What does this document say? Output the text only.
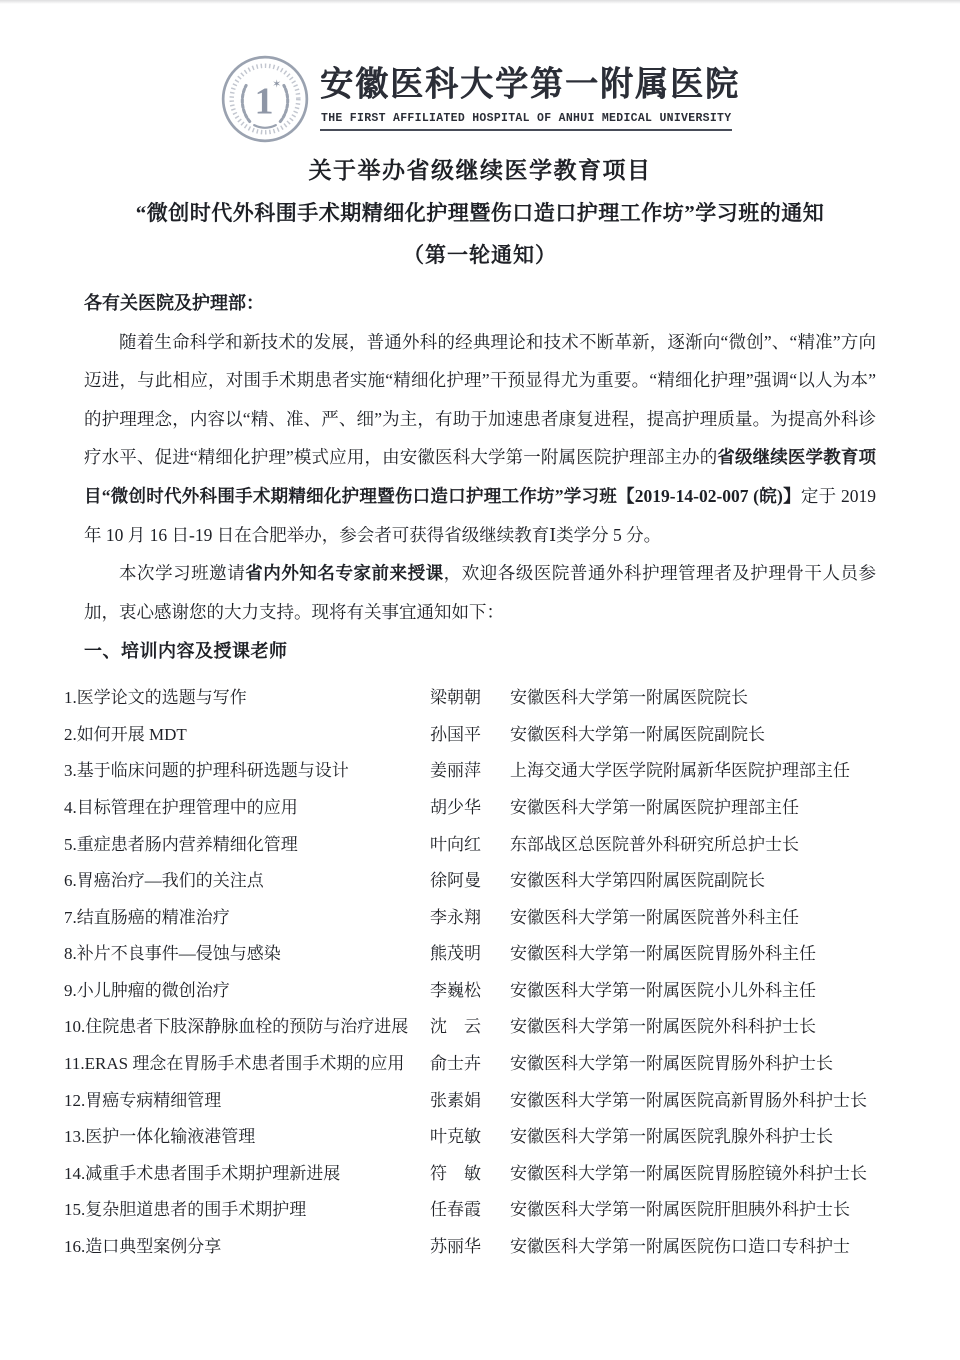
1
✶ 安徽医科大学第一附属医院
THE FIRST AFFILIATED HOSPITAL OF ANHUI MEDICAL UNIVERSITY
关于举办省级继续医学教育项目
“微创时代外科围手术期精细化护理暨伤口造口护理工作坊”学习班的通知
（第一轮通知）
各有关医院及护理部：

随着生命科学和新技术的发展，普通外科的经典理论和技术不断革新，逐渐向“微创”、“精准”方向迈进，与此相应，对围手术期患者实施“精细化护理”干预显得尤为重要。“精细化护理”强调“以人为本”的护理理念，内容以“精、准、严、细”为主，有助于加速患者康复进程，提高护理质量。为提高外科诊疗水平、促进“精细化护理”模式应用，由安徽医科大学第一附属医院护理部主办的省级继续医学教育项目“微创时代外科围手术期精细化护理暨伤口造口护理工作坊”学习班【2019-14-02-007 (皖)】定于 2019 年 10 月 16 日-19 日在合肥举办，参会者可获得省级继续教育Ⅰ类学分 5 分。

本次学习班邀请省内外知名专家前来授课，欢迎各级医院普通外科护理管理者及护理骨干人员参加，衷心感谢您的大力支持。现将有关事宜通知如下：

一、培训内容及授课老师
1.医学论文的选题与写作	梁朝朝	安徽医科大学第一附属医院院长
2.如何开展 MDT	孙国平	安徽医科大学第一附属医院副院长
3.基于临床问题的护理科研选题与设计	姜丽萍	上海交通大学医学院附属新华医院护理部主任
4.目标管理在护理管理中的应用	胡少华	安徽医科大学第一附属医院护理部主任
5.重症患者肠内营养精细化管理	叶向红	东部战区总医院普外科研究所总护士长
6.胃癌治疗—我们的关注点	徐阿曼	安徽医科大学第四附属医院副院长
7.结直肠癌的精准治疗	李永翔	安徽医科大学第一附属医院普外科主任
8.补片不良事件—侵蚀与感染	熊茂明	安徽医科大学第一附属医院胃肠外科主任
9.小儿肿瘤的微创治疗	李巍松	安徽医科大学第一附属医院小儿外科主任
10.住院患者下肢深静脉血栓的预防与治疗进展	沈　云	安徽医科大学第一附属医院外科科护士长
11.ERAS 理念在胃肠手术患者围手术期的应用	俞士卉	安徽医科大学第一附属医院胃肠外科护士长
12.胃癌专病精细管理	张素娟	安徽医科大学第一附属医院高新胃肠外科护士长
13.医护一体化输液港管理	叶克敏	安徽医科大学第一附属医院乳腺外科护士长
14.减重手术患者围手术期护理新进展	符　敏	安徽医科大学第一附属医院胃肠腔镜外科护士长
15.复杂胆道患者的围手术期护理	任春霞	安徽医科大学第一附属医院肝胆胰外科护士长
16.造口典型案例分享	苏丽华	安徽医科大学第一附属医院伤口造口专科护士
